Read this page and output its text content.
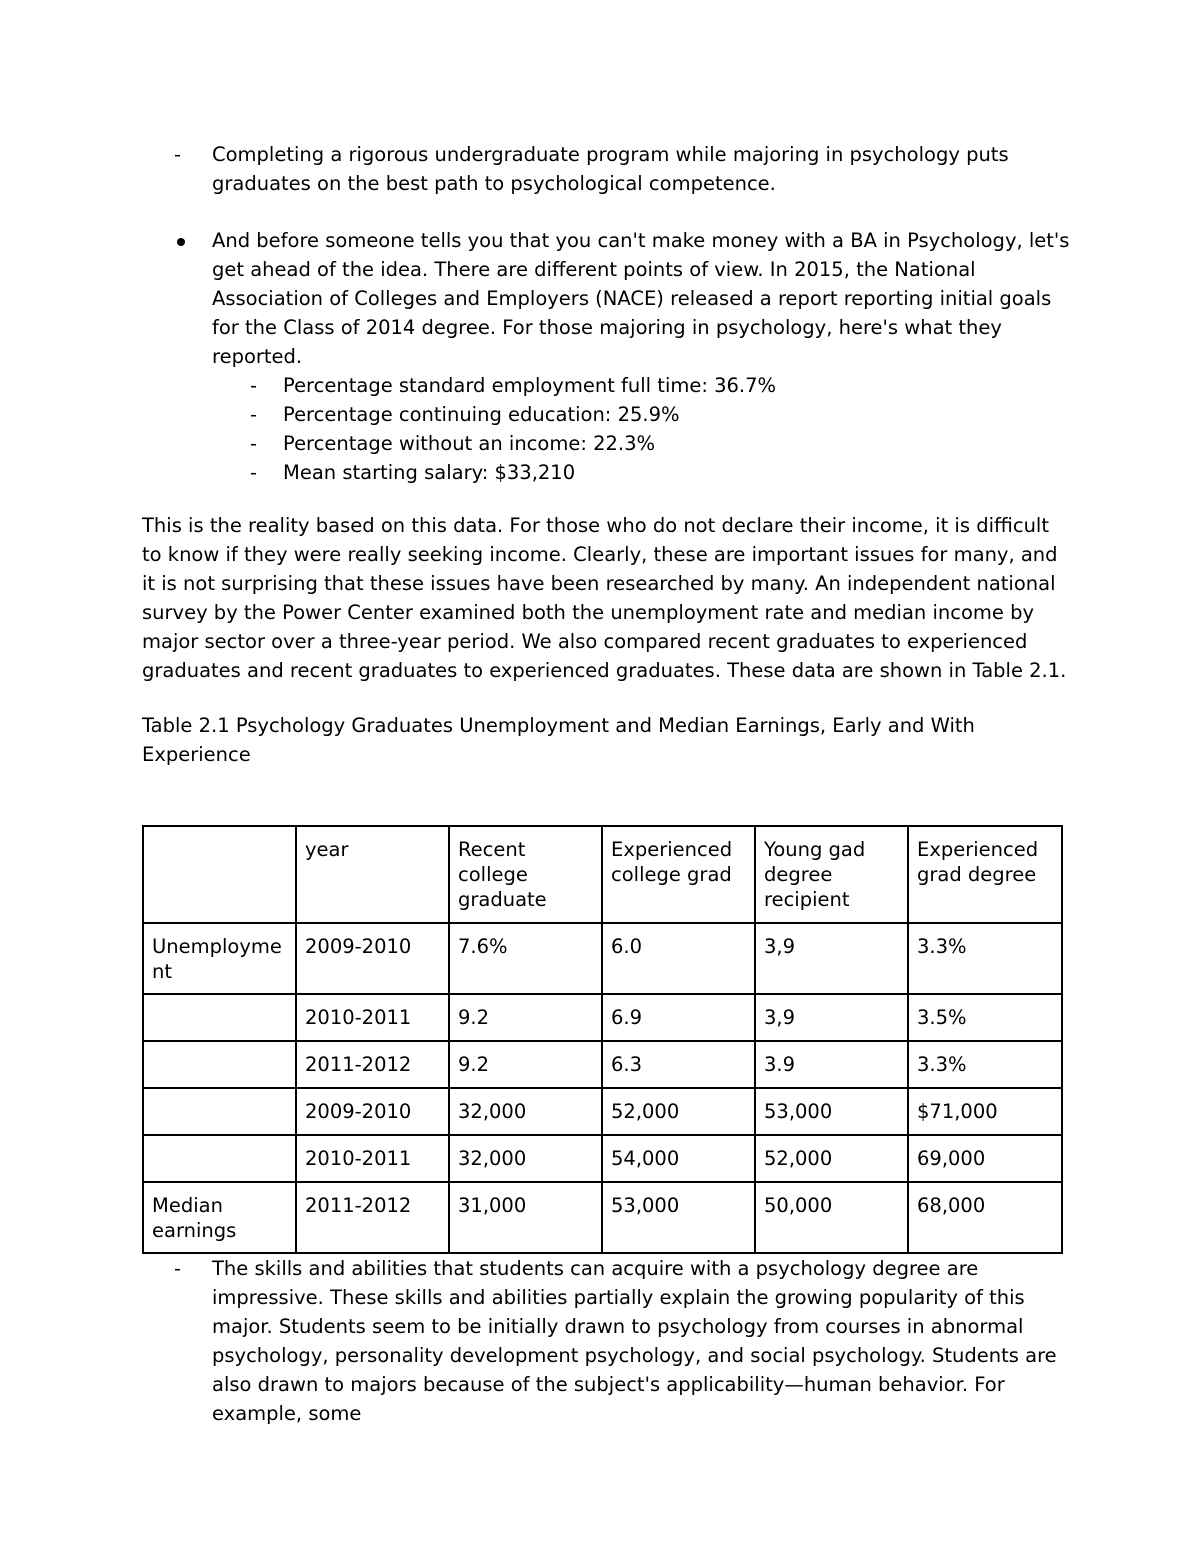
-	Completing a rigorous undergraduate program while majoring in psychology puts graduates on the best path to psychological competence.
And before someone tells you that you can't make money with a BA in Psychology, let's get ahead of the idea. There are different points of view. In 2015, the National Association of Colleges and Employers (NACE) released a report reporting initial goals for the Class of 2014 degree. For those majoring in psychology, here's what they reported.
- Percentage standard employment full time: 36.7%
- Percentage continuing education: 25.9%
- Percentage without an income: 22.3%
- Mean starting salary: $33,210

This is the reality based on this data. For those who do not declare their income, it is difficult to know if they were really seeking income. Clearly, these are important issues for many, and it is not surprising that these issues have been researched by many. An independent national survey by the Power Center examined both the unemployment rate and median income by major sector over a three-year period. We also compared recent graduates to experienced graduates and recent graduates to experienced graduates. These data are shown in Table 2.1.

Table 2.1 Psychology Graduates Unemployment and Median Earnings, Early and With Experience

	year	Recent college graduate	Experienced college grad	Young gad degree recipient	Experienced grad degree
Unemployme nt	2009-2010	7.6%	6.0	3,9	3.3%
	2010-2011	9.2	6.9	3,9	3.5%
	2011-2012	9.2	6.3	3.9	3.3%
	2009-2010	32,000	52,000	53,000	$71,000
	2010-2011	32,000	54,000	52,000	69,000
Median earnings	2011-2012	31,000	53,000	50,000	68,000
-	The skills and abilities that students can acquire with a psychology degree are impressive. These skills and abilities partially explain the growing popularity of this major. Students seem to be initially drawn to psychology from courses in abnormal psychology, personality development psychology, and social psychology. Students are also drawn to majors because of the subject's applicability—human behavior. For example, some
